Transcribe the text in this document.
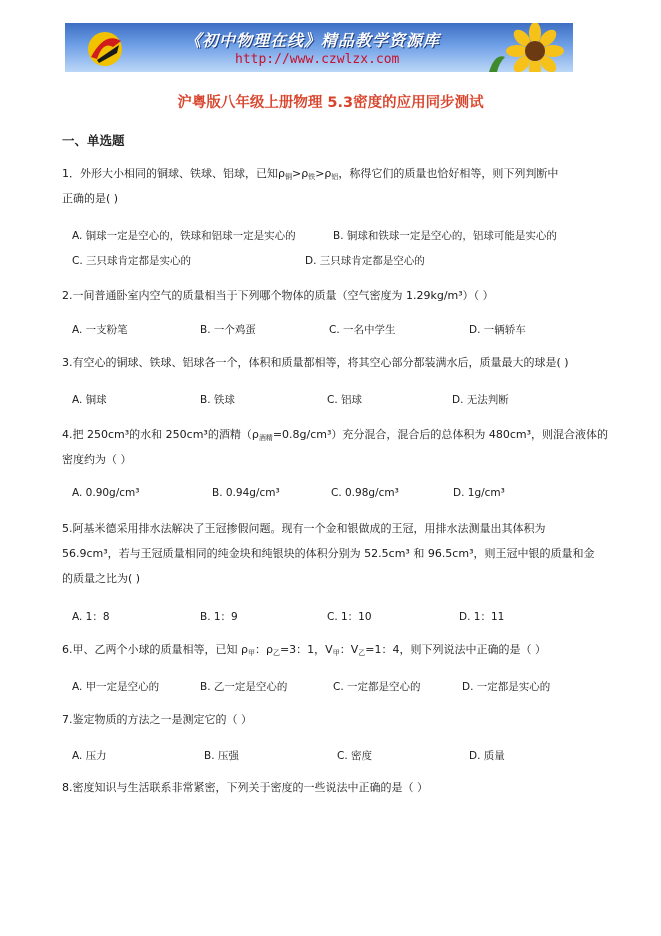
《初中物理在线》精品教学资源库
http://www.czwlzx.com
沪粤版八年级上册物理 5.3密度的应用同步测试
一、单选题
1．外形大小相同的铜球、铁球、铝球，已知$\rho_铜>\rho_铁>\rho_铝$，称得它们的质量也恰好相等，则下列判断中
正确的是( )
A. 铜球一定是空心的，铁球和铝球一定是实心的	B. 铜球和铁球一定是空心的，铝球可能是实心的
C. 三只球肯定都是实心的	D. 三只球肯定都是空心的
2.一间普通卧室内空气的质量相当于下列哪个物体的质量（空气密度为 1.29kg/m³）（ ）
A. 一支粉笔	B. 一个鸡蛋	C. 一名中学生	D. 一辆轿车
3.有空心的铜球、铁球、铝球各一个，体积和质量都相等，将其空心部分都装满水后，质量最大的球是( )
A. 铜球	B. 铁球	C. 铝球	D. 无法判断
4.把 250cm³的水和 250cm³的酒精$(\rho_{酒精}=0.8g/cm^3)$充分混合，混合后的总体积为 480cm³，则混合液体的
密度约为（ ）
A. 0.90g/cm³	B. 0.94g/cm³	C. 0.98g/cm³	D. 1g/cm³
5.阿基米德采用排水法解决了王冠掺假问题。现有一个金和银做成的王冠，用排水法测量出其体积为
56.9cm³，若与王冠质量相同的纯金块和纯银块的体积分别为 52.5cm³ 和 96.5cm³，则王冠中银的质量和金
的质量之比为( )
A. 1：8	B. 1：9	C. 1：10	D. 1：11
6.甲、乙两个小球的质量相等，已知 $\rho_甲$：$\rho_乙=3$：1，$V_甲$：$V_乙=1$：4，则下列说法中正确的是（ ）
A. 甲一定是空心的	B. 乙一定是空心的	C. 一定都是空心的	D. 一定都是实心的
7.鉴定物质的方法之一是测定它的（ ）
A. 压力	B. 压强	C. 密度	D. 质量
8.密度知识与生活联系非常紧密，下列关于密度的一些说法中正确的是（ ）
